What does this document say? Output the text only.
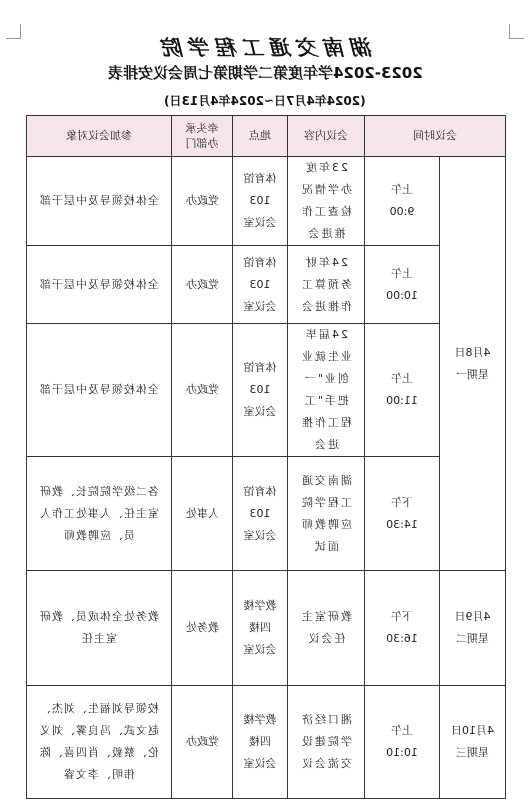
湖南交通工程学院
2023-2024学年度第二学期第七周会议安排表
(2024年4月7日~2024年4月13日)
参加会议对象	牵头承办部门	地点	会议内容	会议时间	
全体校领导及中层干部	党政办	体育馆
103
会议室	23年度办学情况检查工作推进会	上午
9:00	4月8日
星期一

全体校领导及中层干部	党政办	体育馆
103
会议室	24年财务预算工作推进会	上午
10:00	

全体校领导及中层干部	党政办	体育馆
103
会议室	24届毕业生就业创业"一把手"工程工作推进会	上午
11:00	

各二级学院院长、教研室主任、人事处工作人员、应聘教师	人事处	体育馆
103
会议室	湖南交通工程学院应聘教师面试	下午
14:30	

教务处全体成员、教研室主任	教务处	教学楼
四楼
会议室	教研室主任会议	下午
16:30	4月9日
星期二

校领导刘福生、刘杰、赵文武、冯良雾、刘义伦、蔡毅、肖四喜、陈伟明、李文睿	党政办	教学楼
四楼
会议室	湘口经济学院建设交流会议	上午
10:10	4月10日
星期三
